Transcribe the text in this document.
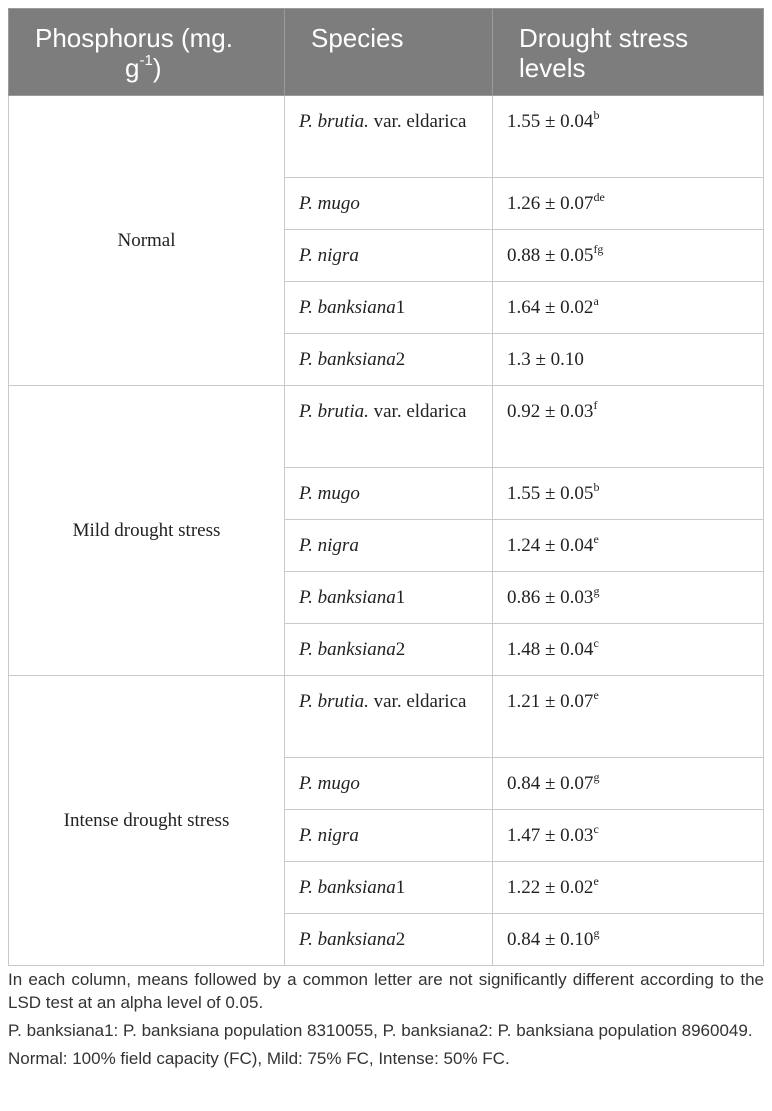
Phosphorus (mg.
$g^{-1}$)	Species	Drought stress levels
Normal	P. brutia. var. eldarica	1.55 ± 0.04$^b$
	P. mugo	1.26 ± 0.07de
	P. nigra	0.88 ± 0.05$^{fg}$
	P. banksiana1	1.64 ± 0.02$^a$
	P. banksiana2	1.3 ± 0.10
Mild drought stress	P. brutia. var. eldarica	0.92 ± 0.03$^f$
	P. mugo	1.55 ± 0.05$^b$
	P. nigra	1.24 ± 0.04$^e$
	P. banksiana1	0.86 ± 0.03$^g$
	P. banksiana2	1.48 ± 0.04$^c$
Intense drought stress	P. brutia. var. eldarica	1.21 ± 0.07$^e$
	P. mugo	0.84 ± 0.07$^g$
	P. nigra	1.47 ± 0.03$^c$
	P. banksiana1	1.22 ± 0.02$^e$
	P. banksiana2	0.84 ± 0.10$^g$

In each column, means followed by a common letter are not significantly different according to the LSD test at an alpha level of 0.05.

P. banksiana1: P. banksiana population 8310055, P. banksiana2: P. banksiana population 8960049.

Normal: 100% field capacity (FC), Mild: 75% FC, Intense: 50% FC.
